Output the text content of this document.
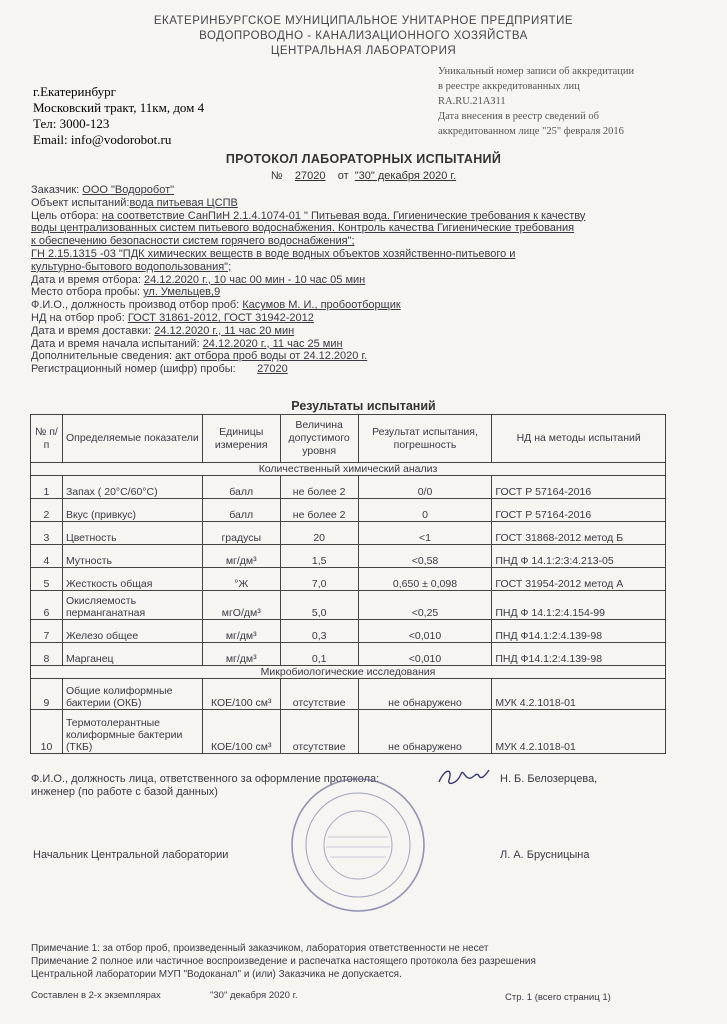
ЕКАТЕРИНБУРГСКОЕ МУНИЦИПАЛЬНОЕ УНИТАРНОЕ ПРЕДПРИЯТИЕ
ВОДОПРОВОДНО - КАНАЛИЗАЦИОННОГО ХОЗЯЙСТВА
ЦЕНТРАЛЬНАЯ ЛАБОРАТОРИЯ
г.Екатеринбург
Московский тракт, 11км, дом 4
Тел: 3000-123
Email: info@vodorobot.ru
Уникальный номер записи об аккредитации
в реестре аккредитованных лиц
RA.RU.21АЗ11
Дата внесения в реестр сведений об
аккредитованном лице "25" февраля 2016
ПРОТОКОЛ ЛАБОРАТОРНЫХ ИСПЫТАНИЙ
№ 27020 от "30" декабря 2020 г.
Заказчик: ООО "Водоробот"
Объект испытаний:вода питьевая ЦСПВ
Цель отбора: на соответствие СанПиН 2.1.4.1074-01 " Питьевая вода. Гигиенические требования к качеству
воды централизованных систем питьевого водоснабжения. Контроль качества Гигиенические требования
к обеспечению безопасности систем горячего водоснабжения";
ГН 2.15.1315 -03 "ПДК химических веществ в воде водных объектов хозяйственно-питьевого и
культурно-бытового водопользования";
Дата и время отбора: 24.12.2020 г., 10 час 00 мин - 10 час 05 мин
Место отбора пробы: ул. Умельцев,9
Ф.И.О., должность производ отбор проб: Касумов М. И., пробоотборщик
НД на отбор проб: ГОСТ 31861-2012, ГОСТ 31942-2012
Дата и время доставки: 24.12.2020 г., 11 час 20 мин
Дата и время начала испытаний: 24.12.2020 г., 11 час 25 мин
Дополнительные сведения: акт отбора проб воды от 24.12.2020 г.
Регистрационный номер (шифр) пробы: 27020
Результаты испытаний
№ п/п	Определяемые показатели	Единицы измерения	Величина допустимого уровня	Результат испытания, погрешность	НД на методы испытаний
Количественный химический анализ					
1	Запах ( 20°С/60°С)	балл	не более 2	0/0	ГОСТ Р 57164-2016
2	Вкус (привкус)	балл	не более 2	0	ГОСТ Р 57164-2016
3	Цветность	градусы	20	<1	ГОСТ 31868-2012 метод Б
4	Мутность	мг/дм³	1,5	<0,58	ПНД Ф 14.1:2:3:4.213-05
5	Жесткость общая	°Ж	7,0	0,650 ± 0,098	ГОСТ 31954-2012 метод А
6	Окисляемость перманганатная	мгО/дм³	5,0	<0,25	ПНД Ф 14.1:2:4.154-99
7	Железо общее	мг/дм³	0,3	<0,010	ПНД Ф14.1:2:4.139-98
8	Марганец	мг/дм³	0,1	<0,010	ПНД Ф14.1:2:4.139-98
Микробиологические исследования					
9	Общие колиформные бактерии (ОКБ)	КОЕ/100 см³	отсутствие	не обнаружено	МУК 4.2.1018-01
10	Термотолерантные колиформные бактерии (ТКБ)	КОЕ/100 см³	отсутствие	не обнаружено	МУК 4.2.1018-01
Ф.И.О., должность лица, ответственного за оформление протокола:
инженер (по работе с базой данных)
Н. Б. Белозерцева,
Начальник Центральной лаборатории	Л. А. Брусницына
Примечание 1: за отбор проб, произведенный заказчиком, лаборатория ответственности не несет
Примечание 2 полное или частичное воспроизведение и распечатка настоящего протокола без разрешения
Центральной лаборатории МУП "Водоканал" и (или) Заказчика не допускается.
Составлен в 2-х экземплярах	"30" декабря 2020 г.	Стр. 1 (всего страниц 1)
